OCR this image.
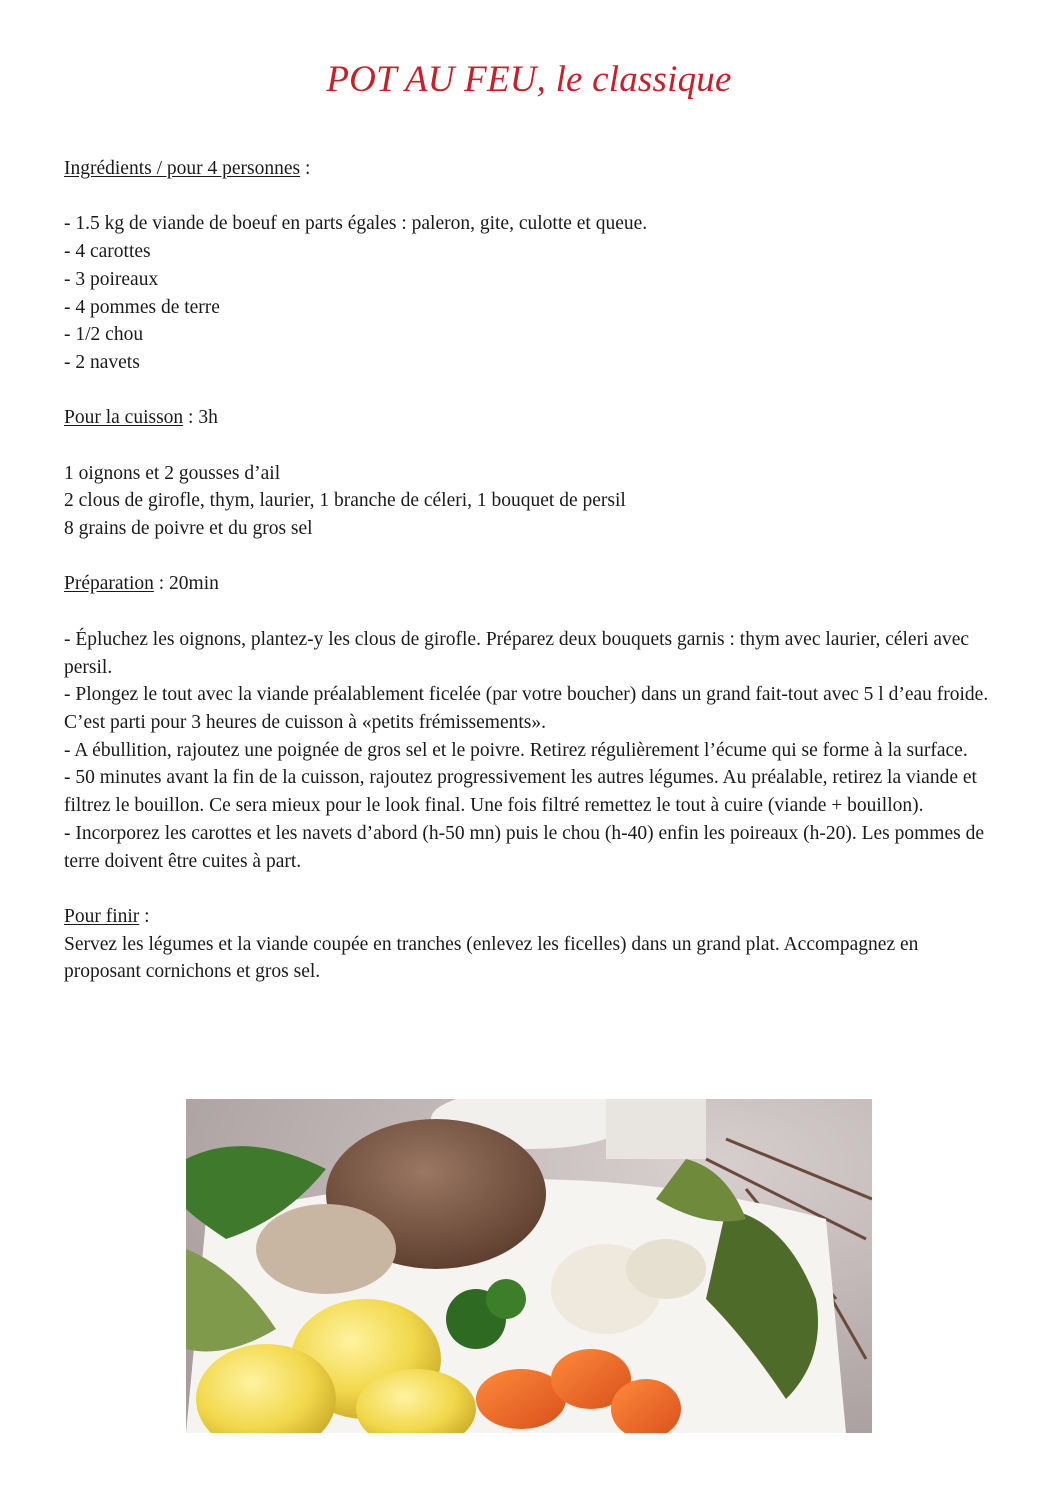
POT AU FEU, le classique
Ingrédients / pour 4 personnes :
- 1.5 kg de viande de boeuf en parts égales : paleron, gite, culotte et queue.
- 4 carottes
- 3 poireaux
- 4 pommes de terre
- 1/2 chou
- 2 navets
Pour la cuisson : 3h
1 oignons et 2 gousses d’ail
2 clous de girofle, thym, laurier, 1 branche de céleri, 1 bouquet de persil
8 grains de poivre et du gros sel
Préparation : 20min
- Épluchez les oignons, plantez-y les clous de girofle. Préparez deux bouquets garnis : thym avec laurier, céleri avec persil.
- Plongez le tout avec la viande préalablement ficelée (par votre boucher) dans un grand fait-tout avec 5 l d’eau froide. C’est parti pour 3 heures de cuisson à «petits frémissements».
- A ébullition, rajoutez une poignée de gros sel et le poivre. Retirez régulièrement l’écume qui se forme à la surface.
- 50 minutes avant la fin de la cuisson, rajoutez progressivement les autres légumes. Au préalable, retirez la viande et filtrez le bouillon. Ce sera mieux pour le look final. Une fois filtré remettez le tout à cuire (viande + bouillon).
- Incorporez les carottes et les navets d’abord (h-50 mn) puis le chou (h-40) enfin les poireaux (h-20). Les pommes de terre doivent être cuites à part.
Pour finir :
Servez les légumes et la viande coupée en tranches (enlevez les ficelles) dans un grand plat. Accompagnez en proposant cornichons et gros sel.
